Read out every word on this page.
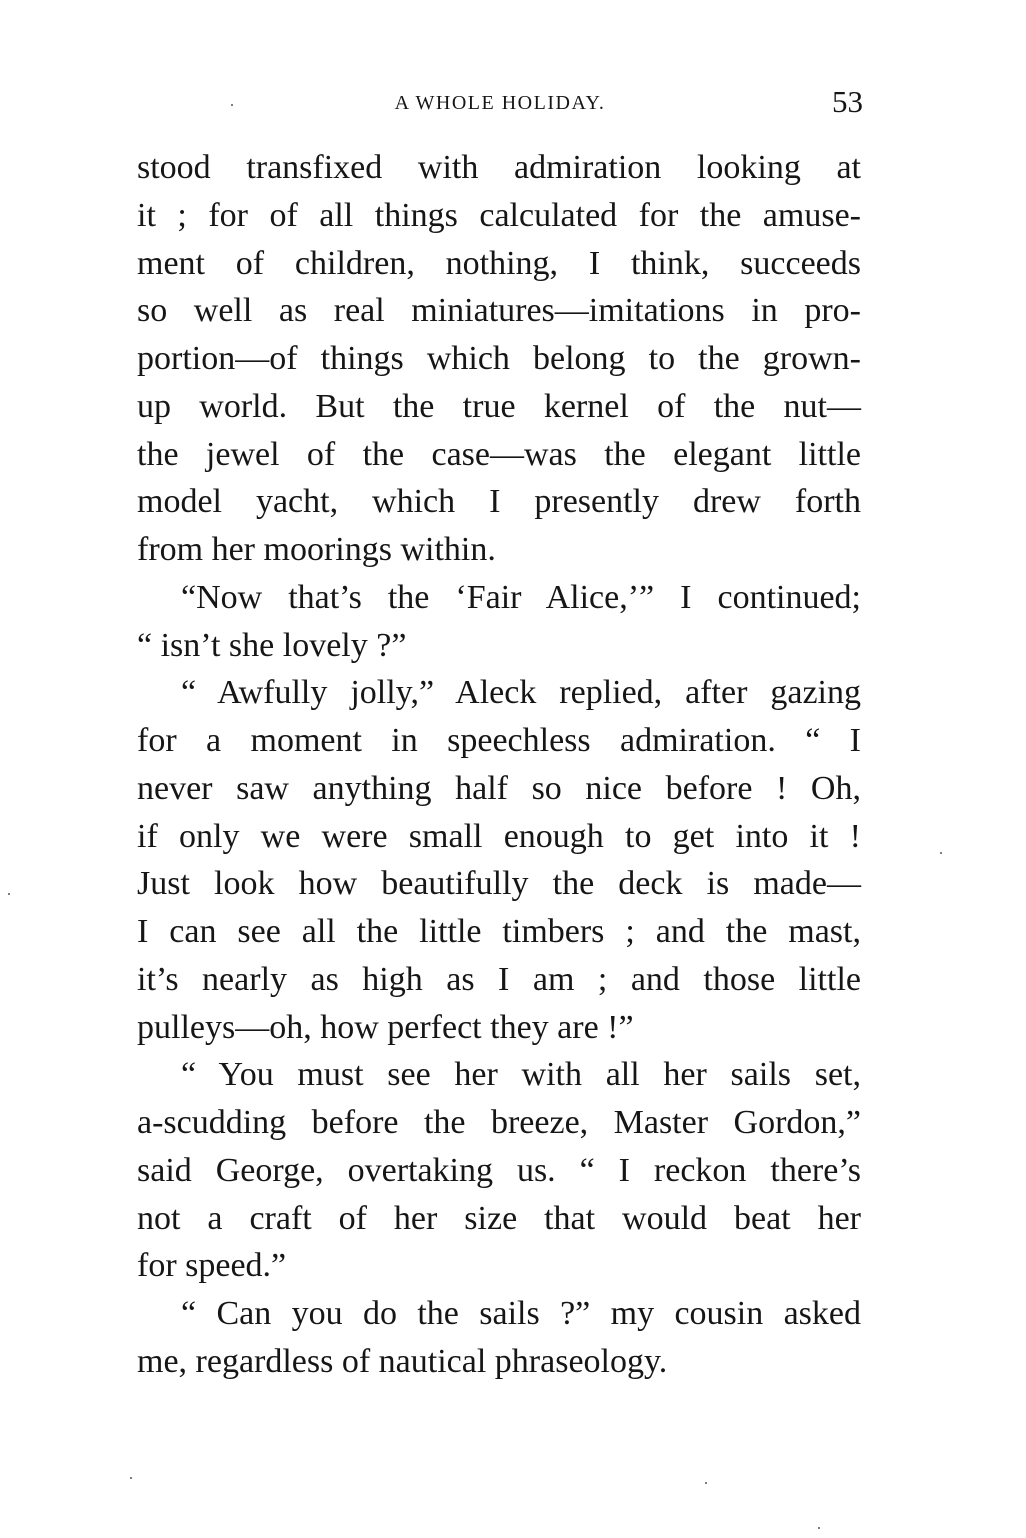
A WHOLE HOLIDAY.	53
stood transfixed with admiration looking at
it ; for of all things calculated for the amuse-
ment of children, nothing, I think, succeeds
so well as real miniatures—imitations in pro-
portion—of things which belong to the grown-
up world. But the true kernel of the nut—
the jewel of the case—was the elegant little
model yacht, which I presently drew forth
from her moorings within.
“Now that’s the ‘Fair Alice,’” I continued;
“ isn’t she lovely ?”
“ Awfully jolly,” Aleck replied, after gazing
for a moment in speechless admiration. “ I
never saw anything half so nice before ! Oh,
if only we were small enough to get into it !
Just look how beautifully the deck is made—
I can see all the little timbers ; and the mast,
it’s nearly as high as I am ; and those little
pulleys—oh, how perfect they are !”
“ You must see her with all her sails set,
a-scudding before the breeze, Master Gordon,”
said George, overtaking us. “ I reckon there’s
not a craft of her size that would beat her
for speed.”
“ Can you do the sails ?” my cousin asked
me, regardless of nautical phraseology.
